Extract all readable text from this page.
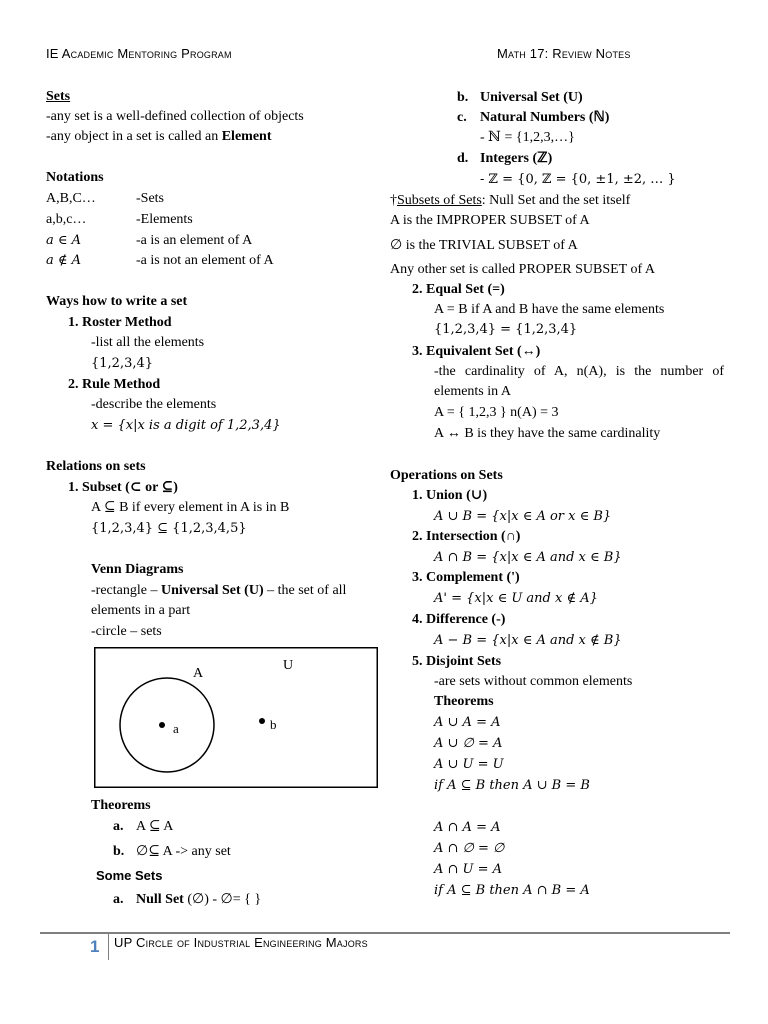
IE Academic Mentoring Program	Math 17: Review Notes
Sets
-any set is a well-defined collection of objects
-any object in a set is called an Element
Notations
A,B,C…	-Sets
a,b,c…	-Elements
a ∈ A	-a is an element of A
a ∉ A	-a is not an element of A
Ways how to write a set
1. Roster Method
-list all the elements
{1,2,3,4}
2. Rule Method
-describe the elements
x = {x|x is a digit of 1,2,3,4}
Relations on sets
1. Subset (⊂ or ⊆)
A ⊆ B if every element in A is in B
{1,2,3,4} ⊆ {1,2,3,4,5}
Venn Diagrams
-rectangle – Universal Set (U) – the set of all
elements in a part
-circle – sets
A
U
a	b
Theorems
a. A ⊆ A
b. ∅⊆ A -> any set
Some Sets
a. Null Set (∅) - ∅= { }
b. Universal Set (U)
c. Natural Numbers (ℕ)
- ℕ = {1,2,3,…}
d. Integers (ℤ)
- ℤ = {0, ℤ = {0, ±1, ±2, … }
†Subsets of Sets: Null Set and the set itself
A is the IMPROPER SUBSET of A
∅ is the TRIVIAL SUBSET of A
Any other set is called PROPER SUBSET of A
2. Equal Set (=)
A = B if A and B have the same elements
{1,2,3,4} = {1,2,3,4}
3. Equivalent Set (↔)
-the cardinality of A, n(A), is the number of elements in A
A = { 1,2,3 } n(A) = 3
A ↔ B is they have the same cardinality
Operations on Sets
1. Union (∪)
A ∪ B = {x|x ∈ A or x ∈ B}
2. Intersection (∩)
A ∩ B = {x|x ∈ A and x ∈ B}
3. Complement (')
A' = {x|x ∈ U and x ∉ A}
4. Difference (-)
A − B = {x|x ∈ A and x ∉ B}
5. Disjoint Sets
-are sets without common elements
Theorems
A ∪ A = A
A ∪ ∅ = A
A ∪ U = U
if A ⊆ B then A ∪ B = B
A ∩ A = A
A ∩ ∅ = ∅
A ∩ U = A
if A ⊆ B then A ∩ B = A
1 UP Circle of Industrial Engineering Majors
